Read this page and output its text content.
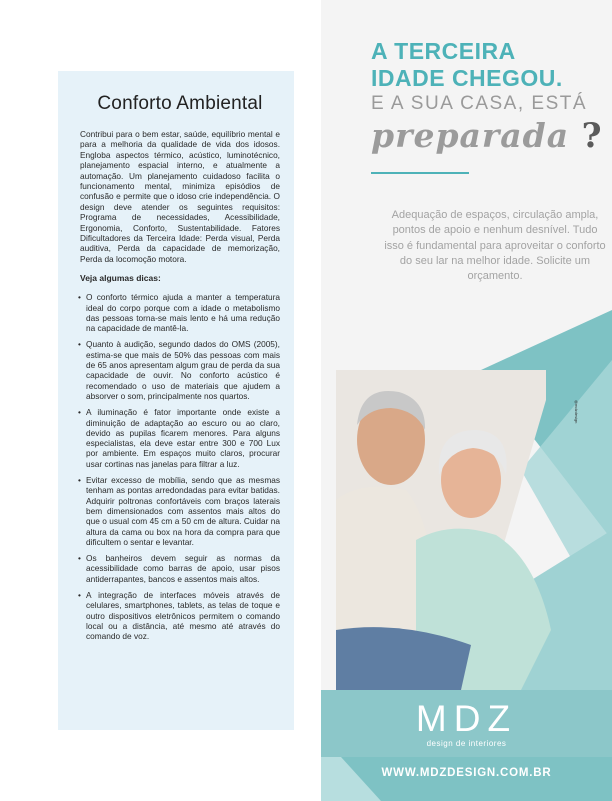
Conforto Ambiental

Contribui para o bem estar, saúde, equilíbrio mental e para a melhoria da qualidade de vida dos idosos. Engloba aspectos térmico, acústico, luminotécnico, planejamento espacial interno, e atualmente a automação. Um planejamento cuidadoso facilita o funcionamento mental, minimiza episódios de confusão e permite que o idoso crie independência. O design deve atender os seguintes requisitos: Programa de necessidades, Acessibilidade, Ergonomia, Conforto, Sustentabilidade. Fatores Dificultadores da Terceira Idade: Perda visual, Perda auditiva, Perda da capacidade de memorização, Perda da locomoção motora.

Veja algumas dicas:

• O conforto térmico ajuda a manter a temperatura ideal do corpo porque com a idade o metabolismo das pessoas torna-se mais lento e há uma redução na capacidade de mantê-la.
• Quanto à audição, segundo dados do OMS (2005), estima-se que mais de 50% das pessoas com mais de 65 anos apresentam algum grau de perda da sua capacidade de ouvir. No conforto acústico é recomendado o uso de materiais que ajudem a absorver o som, principalmente nos quartos.
• A iluminação é fator importante onde existe a diminuição de adaptação ao escuro ou ao claro, devido as pupilas ficarem menores. Para alguns especialistas, ela deve estar entre 300 e 700 Lux por ambiente. Em espaços muito claros, procurar usar cortinas nas janelas para filtrar a luz.
• Evitar excesso de mobília, sendo que as mesmas tenham as pontas arredondadas para evitar batidas. Adquirir poltronas confortáveis com braços laterais bem dimensionados com assentos mais altos do que o usual com 45 cm a 50 cm de altura. Cuidar na altura da cama ou box na hora da compra para que dificultem o sentar e levantar.
• Os banheiros devem seguir as normas da acessibilidade como barras de apoio, usar pisos antiderrapantes, bancos e assentos mais altos.
• A integração de interfaces móveis através de celulares, smartphones, tablets, as telas de toque e outro dispositivos eletrônicos permitem o comando local ou a distância, até mesmo até através do comando de voz.
A TERCEIRA
IDADE CHEGOU.
E A SUA CASA, ESTÁ
preparada ?

Adequação de espaços, circulação ampla, pontos de apoio e nenhum desnível. Tudo isso é fundamental para aproveitar o conforto do seu lar na melhor idade. Solicite um orçamento.

@mdzdesign
MDZ
design de interiores
WWW.MDZDESIGN.COM.BR
